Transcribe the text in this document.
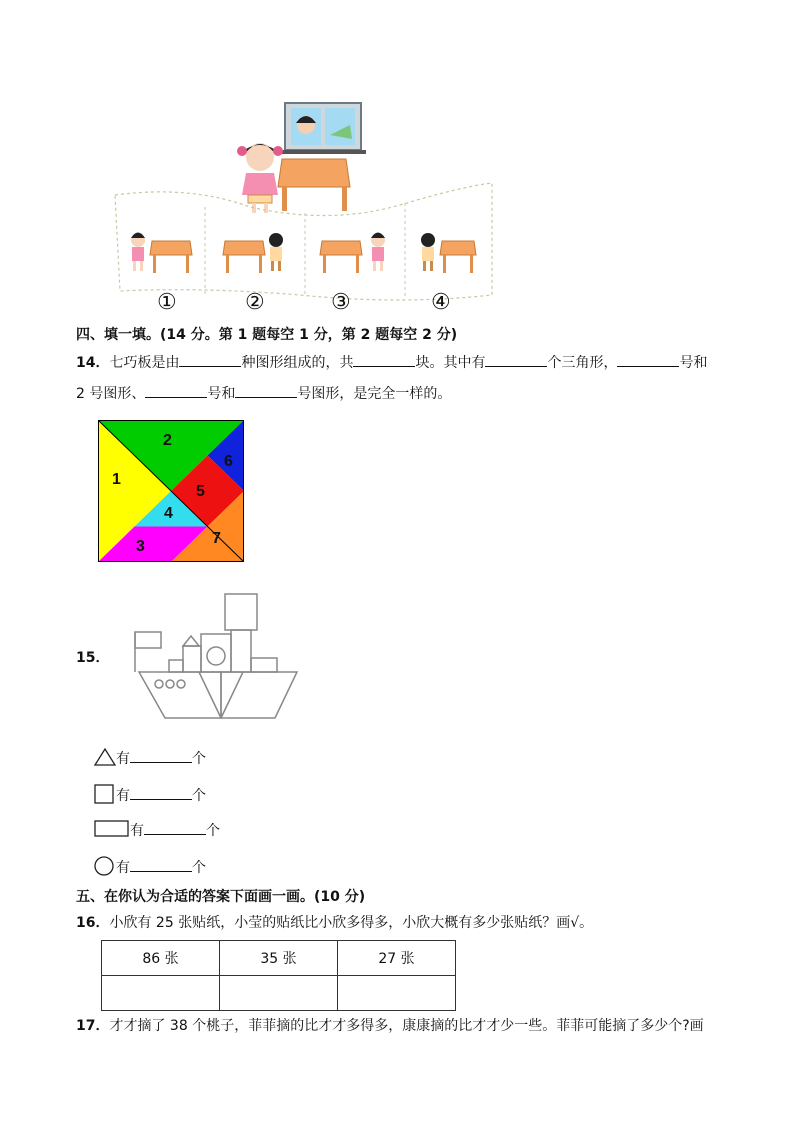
①	②	③	④
四、填一填。(14 分。第 1 题每空 1 分，第 2 题每空 2 分)
14．七巧板是由	种图形组成的，共	块。其中有	个三角形，	号和
2 号图形、	号和	号图形，是完全一样的。
1
2
3
4
5
6
7
15．
有	个
有	个
有	个
有	个
五、在你认为合适的答案下面画一画。(10 分)
16．小欣有 25 张贴纸，小莹的贴纸比小欣多得多，小欣大概有多少张贴纸？画√。
86 张	35 张	27 张

17．才才摘了 38 个桃子，菲菲摘的比才才多得多，康康摘的比才才少一些。菲菲可能摘了多少个?画
